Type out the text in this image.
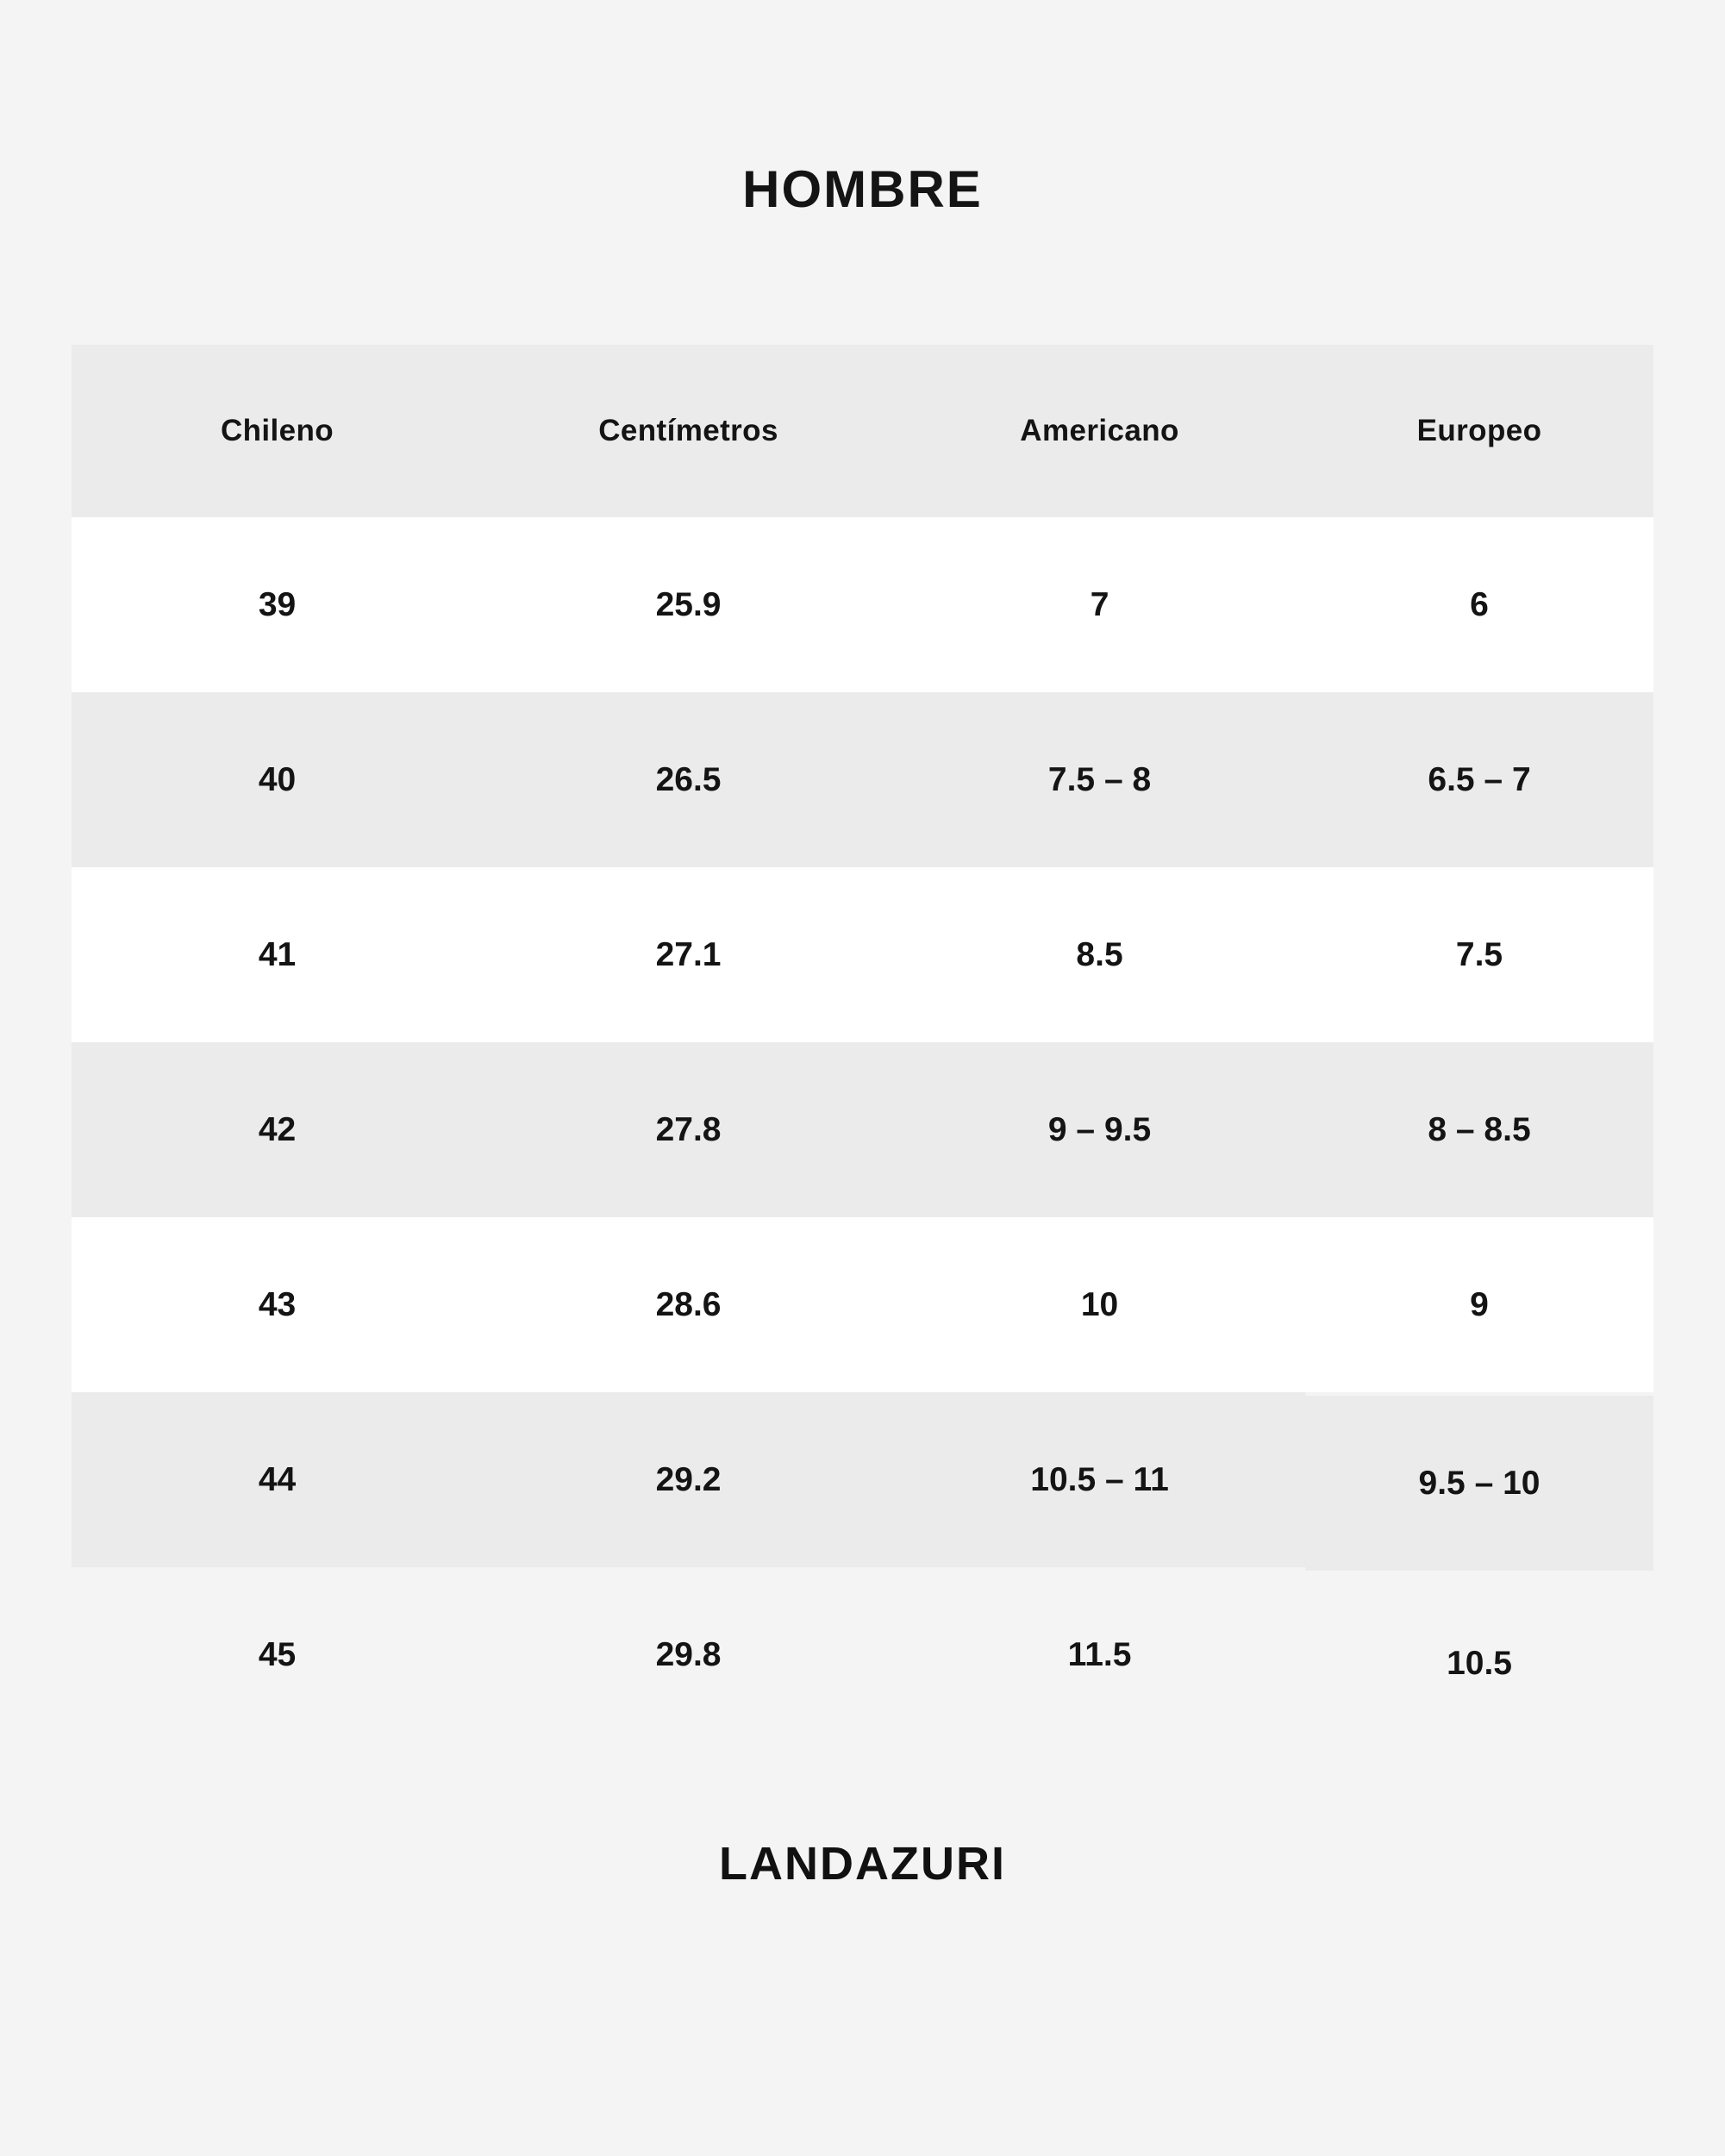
HOMBRE
Chileno	Centímetros	Americano	Europeo
39	25.9	7	6
40	26.5	7.5 – 8	6.5 – 7
41	27.1	8.5	7.5
42	27.8	9 – 9.5	8 – 8.5
43	28.6	10	9
44	29.2	10.5 – 11	9.5 – 10
45	29.8	11.5	10.5
LANDAZURI
